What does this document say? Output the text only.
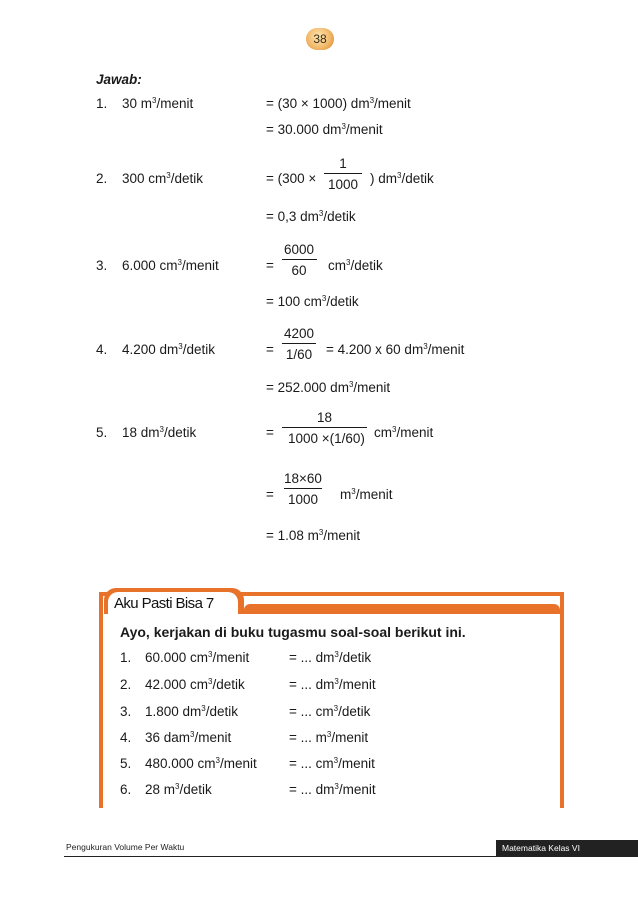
38
Jawab:
1. 30 $m^3$/menit	= (30 × 1000) $dm^3$/menit
= 30.000 $dm^3$/menit
2. 300 $cm^3$/detik	= ($300 \times \frac{1}{1000}$ ) $dm^3$/detik
= 0,3 $dm^3$/detik
3. 6.000 $cm^3$/menit	= $\frac{6000}{60}$ $cm^3$/detik
= 100 $cm^3$/detik
4. 4.200 $dm^3$/detik	= $\frac{4200}{1/60} = 4.200$ x 60 $dm^3$/menit
= 252.000 $dm^3$/menit
5. 18 $dm^3$/detik	= $\frac{18}{1000 \times(1/60)}$ $cm^3$/menit
= $\frac{18\times 60}{1000}$ $m^3$/menit
= 1.08 $m^3$/menit
Aku Pasti Bisa 7
Ayo, kerjakan di buku tugasmu soal-soal berikut ini.
1. 60.000 $cm^3$/menit	= ... $dm^3$/detik
2. 42.000 $cm^3$/detik	= ... $dm^3$/menit
3. 1.800 $dm^3$/detik	= ... $cm^3$/detik
4. 36 dam$^3$/menit	= ... $m^3$/menit
5. 480.000 $cm^3$/menit = ... $cm^3$/menit
6. 28 $m^3$/detik	= ... $dm^3$/menit
Pengukuran Volume Per Waktu	Matematika Kelas VI
